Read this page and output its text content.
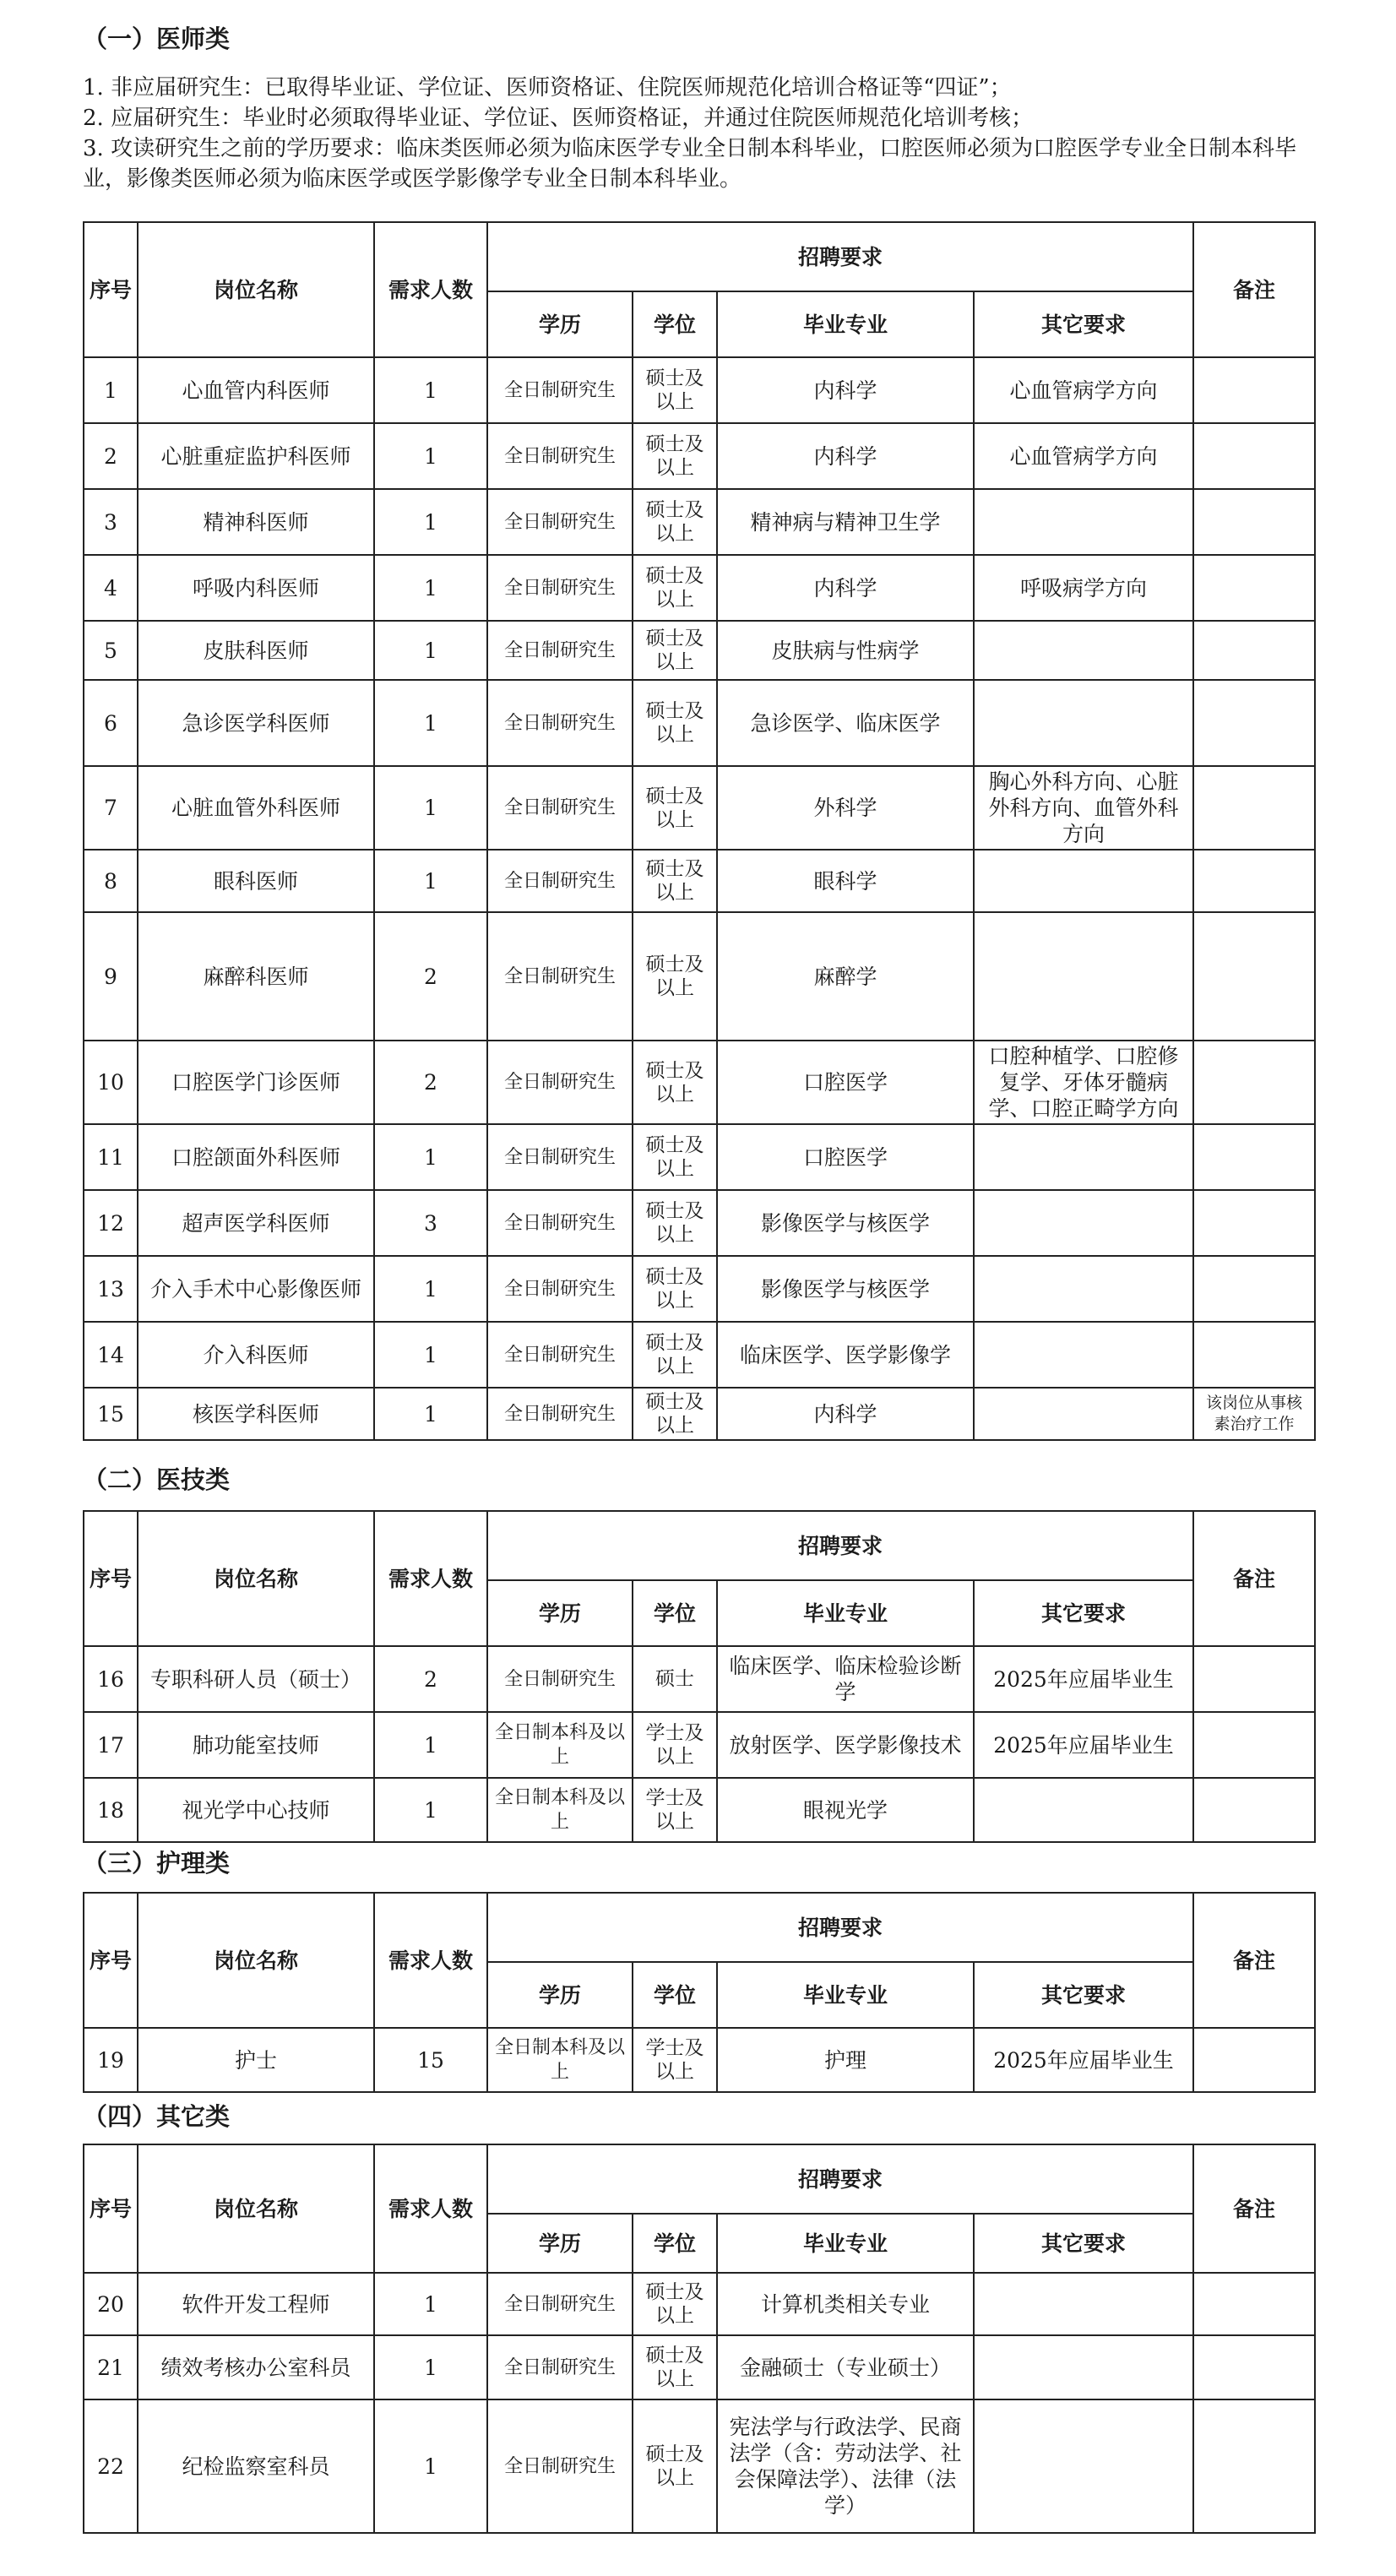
（一）医师类

1. 非应届研究生：已取得毕业证、学位证、医师资格证、住院医师规范化培训合格证等“四证”；

2. 应届研究生：毕业时必须取得毕业证、学位证、医师资格证，并通过住院医师规范化培训考核；

3. 攻读研究生之前的学历要求：临床类医师必须为临床医学专业全日制本科毕业，口腔医师必须为口腔医学专业全日制本科毕业，影像类医师必须为临床医学或医学影像学专业全日制本科毕业。

序号	岗位名称	需求人数	招聘要求				备注
			学历	学位	毕业专业	其它要求	
1	心血管内科医师	1	全日制研究生	硕士及以上	内科学	心血管病学方向	
2	心脏重症监护科医师	1	全日制研究生	硕士及以上	内科学	心血管病学方向	
3	精神科医师	1	全日制研究生	硕士及以上	精神病与精神卫生学		
4	呼吸内科医师	1	全日制研究生	硕士及以上	内科学	呼吸病学方向	
5	皮肤科医师	1	全日制研究生	硕士及以上	皮肤病与性病学		
6	急诊医学科医师	1	全日制研究生	硕士及以上	急诊医学、临床医学		
7	心脏血管外科医师	1	全日制研究生	硕士及以上	外科学	胸心外科方向、心脏外科方向、血管外科方向	
8	眼科医师	1	全日制研究生	硕士及以上	眼科学		
9	麻醉科医师	2	全日制研究生	硕士及以上	麻醉学		
10	口腔医学门诊医师	2	全日制研究生	硕士及以上	口腔医学	口腔种植学、口腔修复学、牙体牙髓病学、口腔正畸学方向	
11	口腔颌面外科医师	1	全日制研究生	硕士及以上	口腔医学		
12	超声医学科医师	3	全日制研究生	硕士及以上	影像医学与核医学		
13	介入手术中心影像医师	1	全日制研究生	硕士及以上	影像医学与核医学		
14	介入科医师	1	全日制研究生	硕士及以上	临床医学、医学影像学		
15	核医学科医师	1	全日制研究生	硕士及以上	内科学		该岗位从事核素治疗工作
（二）医技类
序号	岗位名称	需求人数	招聘要求				备注
			学历	学位	毕业专业	其它要求	
16	专职科研人员（硕士）	2	全日制研究生	硕士	临床医学、临床检验诊断学	2025年应届毕业生	
17	肺功能室技师	1	全日制本科及以上	学士及以上	放射医学、医学影像技术	2025年应届毕业生	
18	视光学中心技师	1	全日制本科及以上	学士及以上	眼视光学		
（三）护理类
序号	岗位名称	需求人数	招聘要求				备注
			学历	学位	毕业专业	其它要求	
19	护士	15	全日制本科及以上	学士及以上	护理	2025年应届毕业生	
（四）其它类
序号	岗位名称	需求人数	招聘要求				备注
			学历	学位	毕业专业	其它要求	
20	软件开发工程师	1	全日制研究生	硕士及以上	计算机类相关专业		
21	绩效考核办公室科员	1	全日制研究生	硕士及以上	金融硕士（专业硕士）		
22	纪检监察室科员	1	全日制研究生	硕士及以上	宪法学与行政法学、民商法学（含：劳动法学、社会保障法学）、法律（法学）		
